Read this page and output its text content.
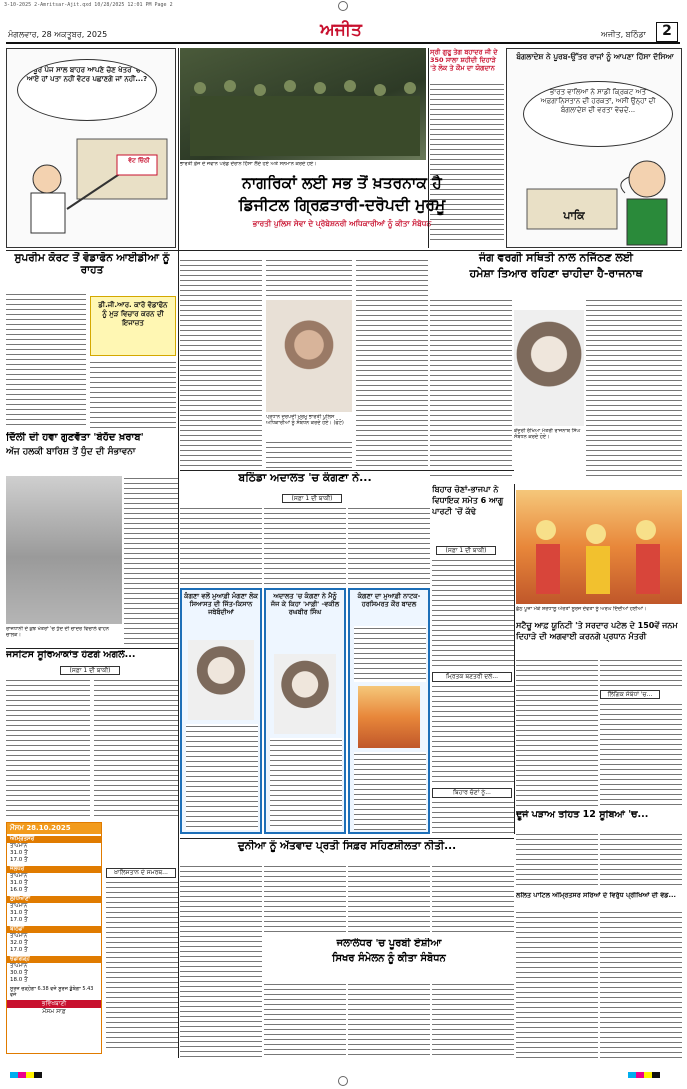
3-10-2025 2-Amritsar-Ajit.qxd 10/28/2025 12:01 PM Page 2
ਮੰਗਲਵਾਰ, 28 ਅਕਤੂਬਰ, 2025	ਅਜੀਤ	ਅਜੀਤ, ਬਠਿੰਡਾ	2
ਪੂਰੇ ਪੰਜ ਸਾਲ ਬਾਹਰ ਆਪਣੇ ਚੋਣ ਖੇਤਰ 'ਚ ਆਏ ਹਾਂ ਪਤਾ ਨਹੀਂ ਵੋਟਰ ਪਛਾਣਗੇ ਜਾਂ ਨਹੀਂ...?
ਵੋਟ ਚਿੱਠੀ	ਭਾਰਤੀ ਫ਼ੌਜ ਦੇ ਜਵਾਨ ਪਰੇਡ ਦੌਰਾਨ ਹਿੱਸਾ ਲੈਂਦੇ ਹੋਏ ਅਤੇ ਸਨਮਾਨ ਕਰਦੇ ਹੋਏ।
ਸ੍ਰੀ ਗੁਰੂ ਤੇਗ ਬਹਾਦਰ ਜੀ ਦੇ 350 ਸਾਲਾ ਸ਼ਹੀਦੀ ਦਿਹਾੜੇ 'ਤੇ ਲੋਕ ਤੇ ਕੌਮ ਦਾ ਯੋਗਦਾਨ
ਬੰਗਲਾਦੇਸ਼ ਨੇ ਪੂਰਬ-ਉੱਤਰ ਰਾਜਾਂ ਨੂੰ ਆਪਣਾ ਹਿੱਸਾ ਦੱਸਿਆ
ਭਾਰਤ ਵਾਲਿਆਂ ਨੇ ਸਾਡੀ ਕ੍ਰਿਕਟ ਅਤੇ ਅਫ਼ਗਾਨਿਸਤਾਨ ਦੀ ਹਰਕਤਾਂ, ਅਸੀਂ ਉਨ੍ਹਾਂ ਦੀ ਬੰਗਲਾਦੇਸ਼ ਦੀ ਵਰਤਾ ਵੇਚਦੇ...
ਪਾਕਿ
ਨਾਗਰਿਕਾਂ ਲਈ ਸਭ ਤੋਂ ਖ਼ਤਰਨਾਕ ਹੈ
ਡਿਜੀਟਲ ਗ੍ਰਿਫ਼ਤਾਰੀ-ਦਰੋਪਦੀ ਮੁਰਮੂ
ਭਾਰਤੀ ਪੁਲਿਸ ਸੇਵਾ ਦੇ ਪ੍ਰੋਬੇਸ਼ਨਰੀ ਅਧਿਕਾਰੀਆਂ ਨੂੰ ਕੀਤਾ ਸੰਬੋਧਨ
ਸੁਪਰੀਮ ਕੋਰਟ ਤੋਂ ਵੋਡਾਫੋਨ ਆਈਡੀਆ ਨੂੰ ਰਾਹਤ
ਡੀ.ਜੀ.ਆਰ. ਕਾਰੋ ਵੋਡਾਫੋਨ ਨੂੰ ਮੁੜ ਵਿਚਾਰ ਕਰਨ ਦੀ ਇਜਾਜ਼ਤ
ਪ੍ਰਧਾਨ ਦਰੋਪਦੀ ਮੁਰਮੂ ਭਾਰਤੀ ਪੁਲਿਸ ਅਧਿਕਾਰੀਆਂ ਨੂੰ ਸੰਬੋਧਨ ਕਰਦੇ ਹੋਏ। (ਫੋਟੋ)
ਜੰਗ ਵਰਗੀ ਸਥਿਤੀ ਨਾਲ ਨਜਿੱਠਣ ਲਈ
ਹਮੇਸ਼ਾ ਤਿਆਰ ਰਹਿਣਾ ਚਾਹੀਦਾ ਹੈ-ਰਾਜਨਾਥ
ਕੇਂਦਰੀ ਰੱਖਿਆ ਮੰਤਰੀ ਰਾਜਨਾਥ ਸਿੰਘ ਸੰਬੋਧਨ ਕਰਦੇ ਹੋਏ।
ਦਿੱਲੀ ਦੀ ਹਵਾ ਗੁਣਵੱਤਾ 'ਬੇਹੱਦ ਖ਼ਰਾਬ'
ਅੱਜ ਹਲਕੀ ਬਾਰਿਸ਼ ਤੋਂ ਧੁੰਦ ਦੀ ਸੰਭਾਵਨਾ
ਰਾਜਧਾਨੀ ਦੇ ਕੁਝ ਖੇਤਰਾਂ 'ਚ ਧੁੰਦ ਦੀ ਚਾਦਰ ਵਿਚਾਲੇ ਵਾਹਨ ਚਾਲਕ।
ਬਠਿੰਡਾ ਅਦਾਲਤ 'ਚ ਕੰਗਣਾ ਨੇ...
(ਸਫ਼ਾ 1 ਦੀ ਬਾਕੀ)
ਕੰਗਣਾ ਵਲੋਂ ਮੁਆਫ਼ੀ ਮੰਗਣਾ ਲੋਕ ਸਿਆਸਤ ਦੀ ਜਿੱਤ-ਕਿਸਾਨ ਜਥੇਬੰਦੀਆਂ
ਅਦਾਲਤ 'ਚ ਕੰਗਣਾ ਨੇ ਮੈਨੂੰ ਜੱਜ ਕੇ ਕਿਹਾ 'ਮਾਫ਼ੀ' -ਵਕੀਲ ਰਘਬੀਰ ਸਿੰਘ
ਕੰਗਣਾ ਦਾ ਮੁਆਫ਼ੀ ਨਾਟਕ-ਹਰਸਿਮਰਤ ਕੌਰ ਬਾਦਲ
ਬਿਹਾਰ ਚੋਣਾਂ-ਭਾਜਪਾ ਨੇ ਵਿਧਾਇਕ ਸਮੇਤ 6 ਆਗੂ ਪਾਰਟੀ 'ਚੋਂ ਕੱਢੇ
(ਸਫ਼ਾ 1 ਦੀ ਬਾਕੀ)
ਛੱਠ ਪੂਜਾ ਮੌਕੇ ਸ਼ਰਧਾਲੂ ਔਰਤਾਂ ਸੂਰਜ ਦੇਵਤਾ ਨੂੰ ਅਰਘ ਦਿੰਦੀਆਂ ਹੋਈਆਂ।
ਸਟੈਚੂ ਆਫ਼ ਯੂਨਿਟੀ 'ਤੇ ਸਰਦਾਰ ਪਟੇਲ ਦੇ 150ਵੇਂ ਜਨਮ ਦਿਹਾੜੇ ਦੀ ਅਗਵਾਈ ਕਰਨਗੇ ਪ੍ਰਧਾਨ ਮੰਤਰੀ
ਲਿੰਗਿਕ ਸੰਬੰਧਾਂ 'ਚ...
ਮ੍ਰਿਤਕ ਬਣਤਰੀ ਦਲੇ...
ਬਿਹਾਰ ਚੋਣਾਂ ਨੂੰ...
ਜਸਟਿਸ ਸੂਰਿਆਕਾਂਤ ਹੋਣਗੇ ਅਗਲੇ...
(ਸਫ਼ਾ 1 ਦੀ ਬਾਕੀ)
ਮੌਸਮ 28.10.2025
ਅੰਮ੍ਰਿਤਸਰ
ਤਾਪਮਾਨ
31.0 ਤੋਂ
17.0 ਤੋਂ
ਜਲੰਧਰ
ਤਾਪਮਾਨ
31.0 ਤੋਂ
16.0 ਤੋਂ
ਲੁਧਿਆਣਾ
ਤਾਪਮਾਨ
31.0 ਤੋਂ
17.0 ਤੋਂ
ਬਠਿੰਡਾ
ਤਾਪਮਾਨ
32.0 ਤੋਂ
17.0 ਤੋਂ
ਚੰਡੀਗੜ੍ਹ
ਤਾਪਮਾਨ
30.0 ਤੋਂ
18.0 ਤੋਂ
ਸੂਰਜ ਚੜ੍ਹੇਗਾ 6.38 ਵਜੇ ਸੂਰਜ ਡੁੱਬੇਗਾ 5.43 ਵਜੇ
ਭਵਿੱਖਬਾਣੀ
ਮੌਸਮ ਸਾਫ਼
ਖ਼ਾਲਿਸਤਾਨ ਦੇ ਸਮਰਥ...
ਦੂਜੇ ਪੜਾਅ ਤਹਿਤ 12 ਸੂਬਿਆਂ 'ਚ...
ਲਲਿਤ ਪਾਟਿਲ ਅੰਮ੍ਰਿਤਸਰ ਸਰਿਆਂ ਦੇ ਵਿਰੁੱਧ ਪ੍ਰੀਖਿਆਂ ਦੀ ਵੰਡ...
ਦੁਨੀਆ ਨੂੰ ਅੱਤਵਾਦ ਪ੍ਰਤੀ ਸਿਫ਼ਰ ਸਹਿਣਸ਼ੀਲਤਾ ਨੀਤੀ...
ਜਲਾਲੰਧਰ 'ਚ ਪੂਰਬੀ ਏਸ਼ੀਆ
ਸਿਖਰ ਸੰਮੇਲਨ ਨੂੰ ਕੀਤਾ ਸੰਬੋਧਨ
